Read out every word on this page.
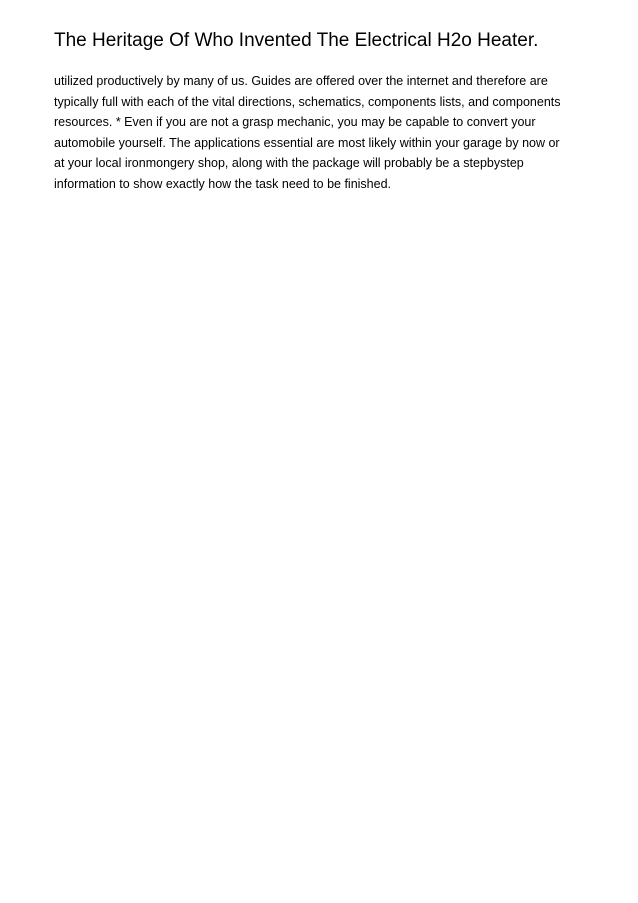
The Heritage Of Who Invented The Electrical H2o Heater.

utilized productively by many of us. Guides are offered over the internet and therefore are
typically full with each of the vital directions, schematics, components lists, and components
resources. * Even if you are not a grasp mechanic, you may be capable to convert your
automobile yourself. The applications essential are most likely within your garage by now or
at your local ironmongery shop, along with the package will probably be a stepbystep
information to show exactly how the task need to be finished.
